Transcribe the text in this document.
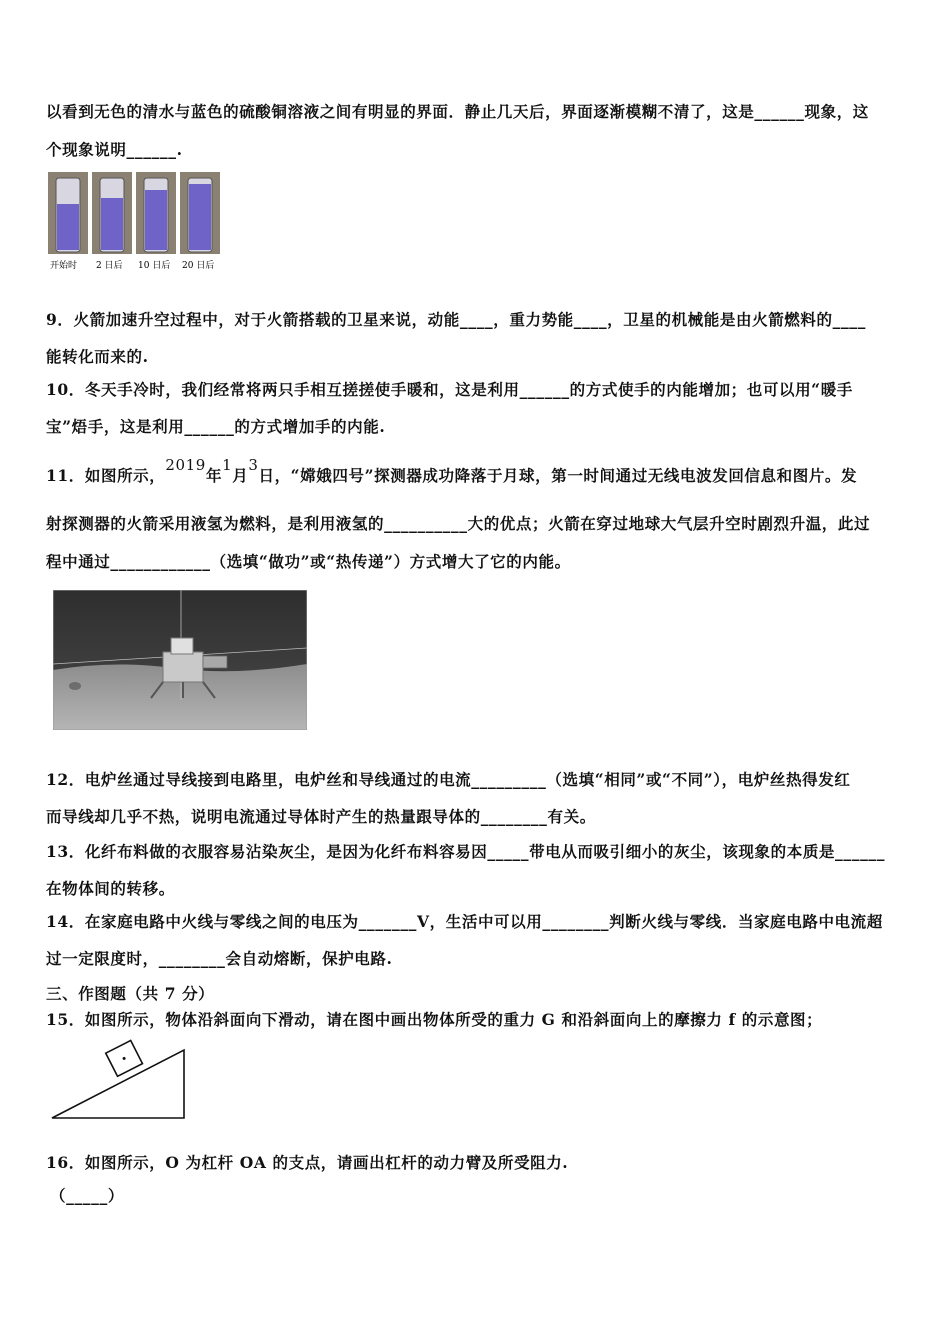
以看到无色的清水与蓝色的硫酸铜溶液之间有明显的界面．静止几天后，界面逐渐模糊不清了，这是______现象，这
个现象说明______.
开始时 2 日后 10 日后 20 日后
9．火箭加速升空过程中，对于火箭搭载的卫星来说，动能____，重力势能____，卫星的机械能是由火箭燃料的____
能转化而来的.
10．冬天手冷时，我们经常将两只手相互搓搓使手暖和，这是利用______的方式使手的内能增加；也可以用“暖手
宝”焐手，这是利用______的方式增加手的内能.
11．如图所示，2019年1月3日，“嫦娥四号”探测器成功降落于月球，第一时间通过无线电波发回信息和图片。发
射探测器的火箭采用液氢为燃料，是利用液氢的__________大的优点；火箭在穿过地球大气层升空时剧烈升温，此过
程中通过____________（选填“做功”或“热传递”）方式增大了它的内能。
12．电炉丝通过导线接到电路里，电炉丝和导线通过的电流_________（选填“相同”或“不同”），电炉丝热得发红
而导线却几乎不热，说明电流通过导体时产生的热量跟导体的________有关。
13．化纤布料做的衣服容易沾染灰尘，是因为化纤布料容易因_____带电从而吸引细小的灰尘，该现象的本质是______
在物体间的转移。
14．在家庭电路中火线与零线之间的电压为_______V，生活中可以用________判断火线与零线．当家庭电路中电流超
过一定限度时，________会自动熔断，保护电路.
三、作图题（共 7 分）
15．如图所示，物体沿斜面向下滑动，请在图中画出物体所受的重力 G 和沿斜面向上的摩擦力 f 的示意图；
16．如图所示，O 为杠杆 OA 的支点，请画出杠杆的动力臂及所受阻力.
（_____）
